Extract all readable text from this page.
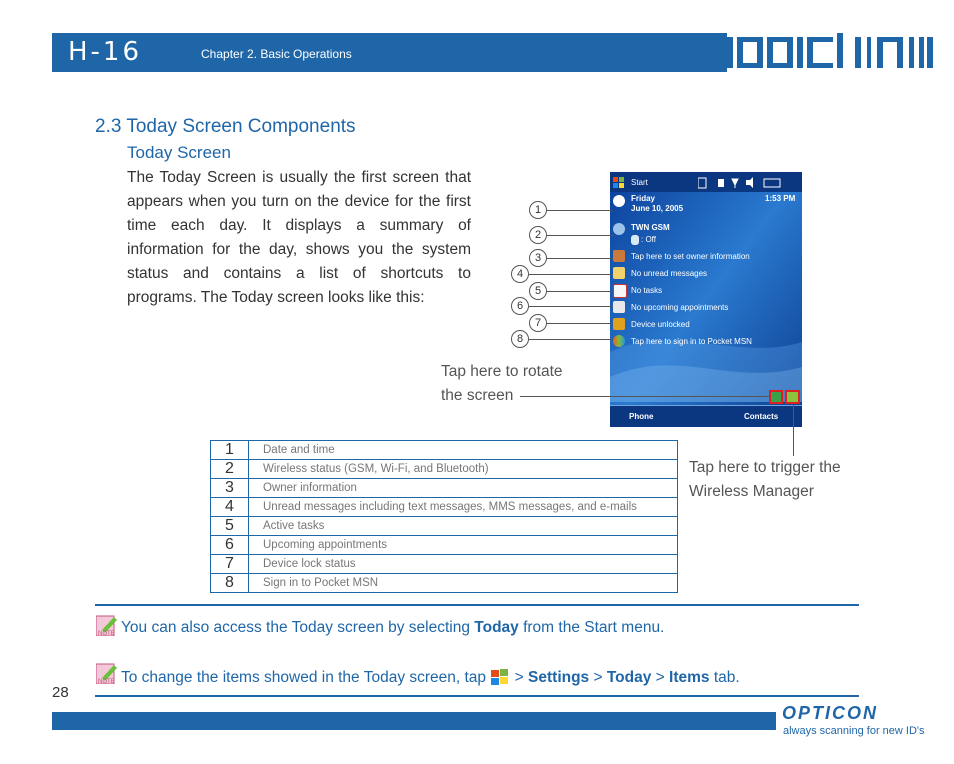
H-16	Chapter 2. Basic Operations
2.3 Today Screen Components
Today Screen
The Today Screen is usually the first screen that appears when you turn on the device for the first time each day. It displays a summary of information for the day, shows you the system status and contains a list of shortcuts to programs. The Today screen looks like this:
Start
Friday
June 10, 2005
1:53 PM
TWN GSM
: Off
Tap here to set owner information
No unread messages
No tasks
No upcoming appointments
Device unlocked
Tap here to sign in to Pocket MSN
Phone	Contacts
1
2
3
4
5
6
7
8
Tap here to rotate
the screen
Tap here to trigger the
Wireless Manager
1	Date and time
2	Wireless status (GSM, Wi-Fi, and Bluetooth)
3	Owner information
4	Unread messages including text messages, MMS messages, and e-mails
5	Active tasks
6	Upcoming appointments
7	Device lock status
8	Sign in to Pocket MSN
NOTE You can also access the Today screen by selecting Today from the Start menu.
NOTE To change the items showed in the Today screen, tap  > Settings > Today > Items tab.
28
OPTICON
always scanning for new ID's
